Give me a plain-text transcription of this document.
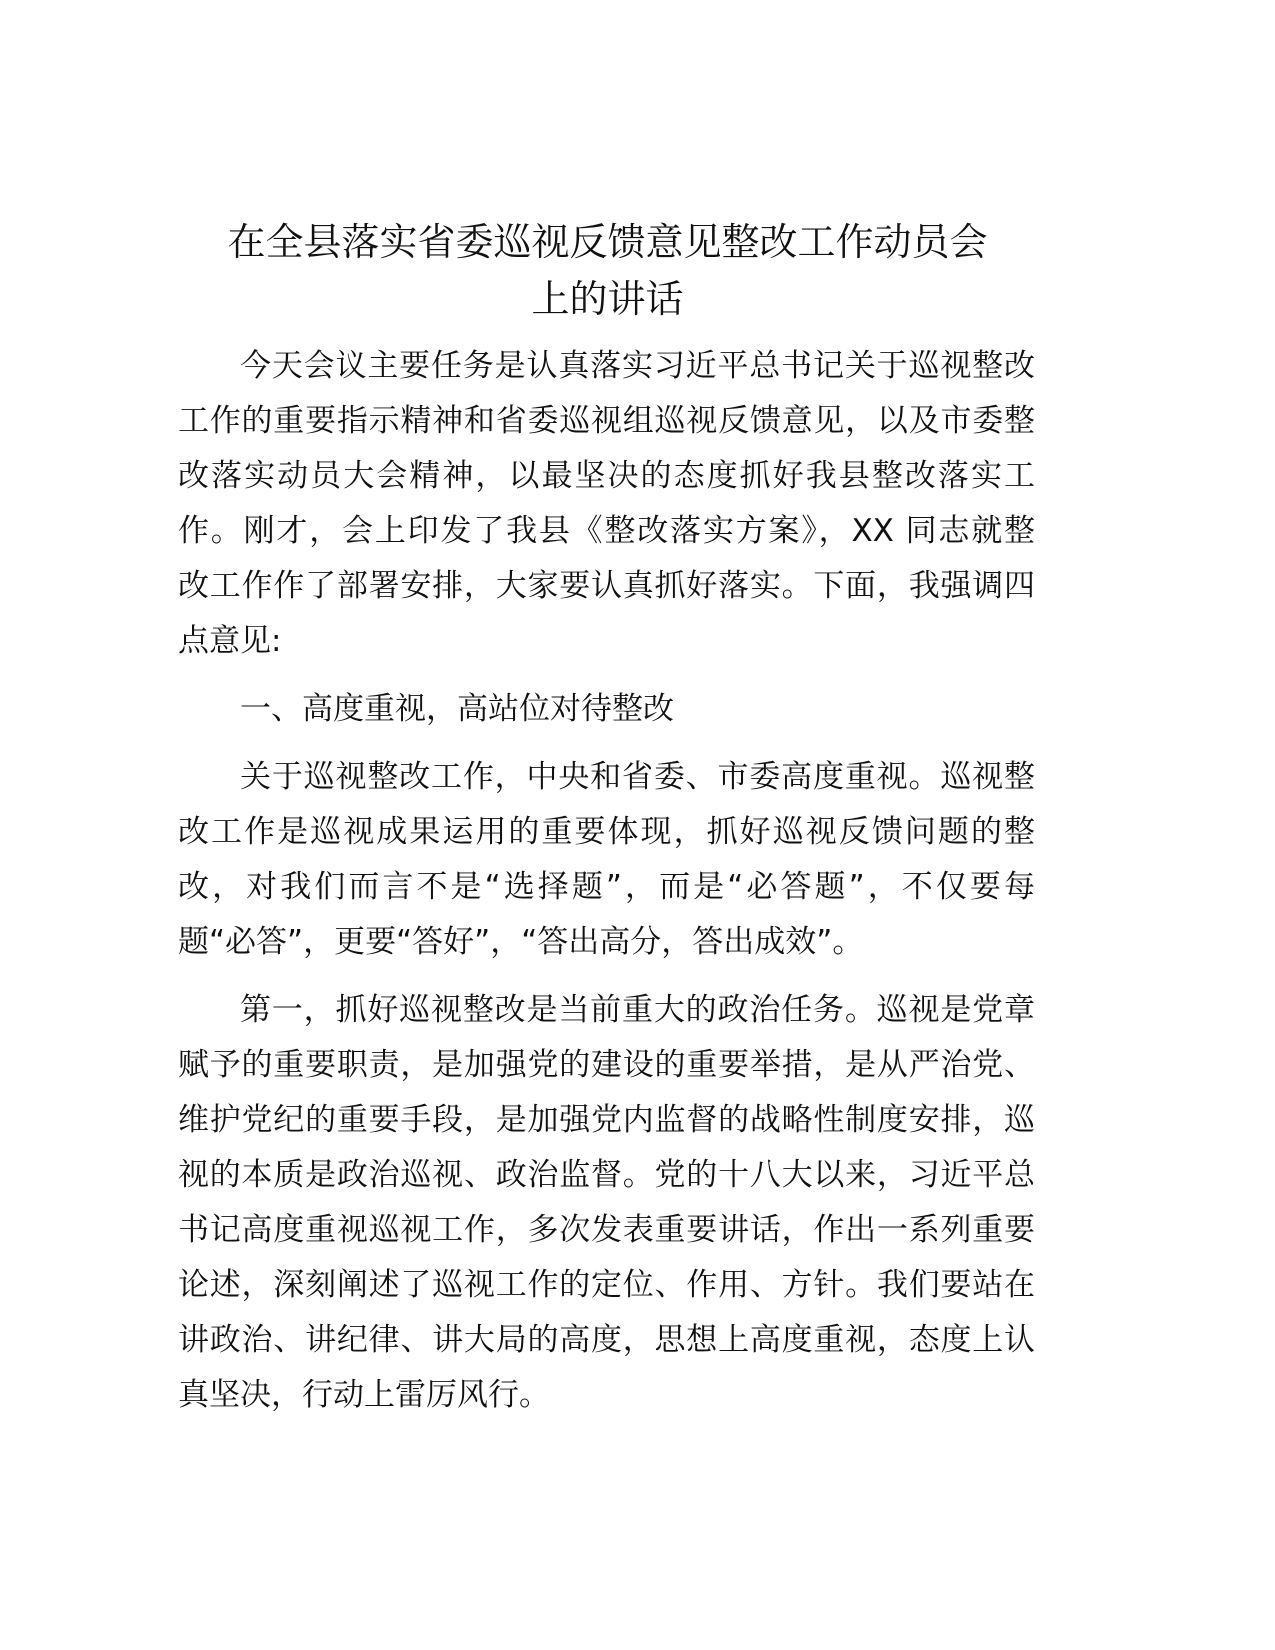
在全县落实省委巡视反馈意见整改工作动员会
上的讲话
今天会议主要任务是认真落实习近平总书记关于巡视整改
工作的重要指示精神和省委巡视组巡视反馈意见，以及市委整
改落实动员大会精神，以最坚决的态度抓好我县整改落实工
作。刚才，会上印发了我县《整改落实方案》，XX 同志就整
改工作作了部署安排，大家要认真抓好落实。下面，我强调四
点意见:
一、高度重视，高站位对待整改
关于巡视整改工作，中央和省委、市委高度重视。巡视整
改工作是巡视成果运用的重要体现，抓好巡视反馈问题的整
改，对我们而言不是“选择题”，而是“必答题”，不仅要每
题“必答”，更要“答好”，“答出高分，答出成效”。
第一，抓好巡视整改是当前重大的政治任务。巡视是党章
赋予的重要职责，是加强党的建设的重要举措，是从严治党、
维护党纪的重要手段，是加强党内监督的战略性制度安排，巡
视的本质是政治巡视、政治监督。党的十八大以来，习近平总
书记高度重视巡视工作，多次发表重要讲话，作出一系列重要
论述，深刻阐述了巡视工作的定位、作用、方针。我们要站在
讲政治、讲纪律、讲大局的高度，思想上高度重视，态度上认
真坚决，行动上雷厉风行。
